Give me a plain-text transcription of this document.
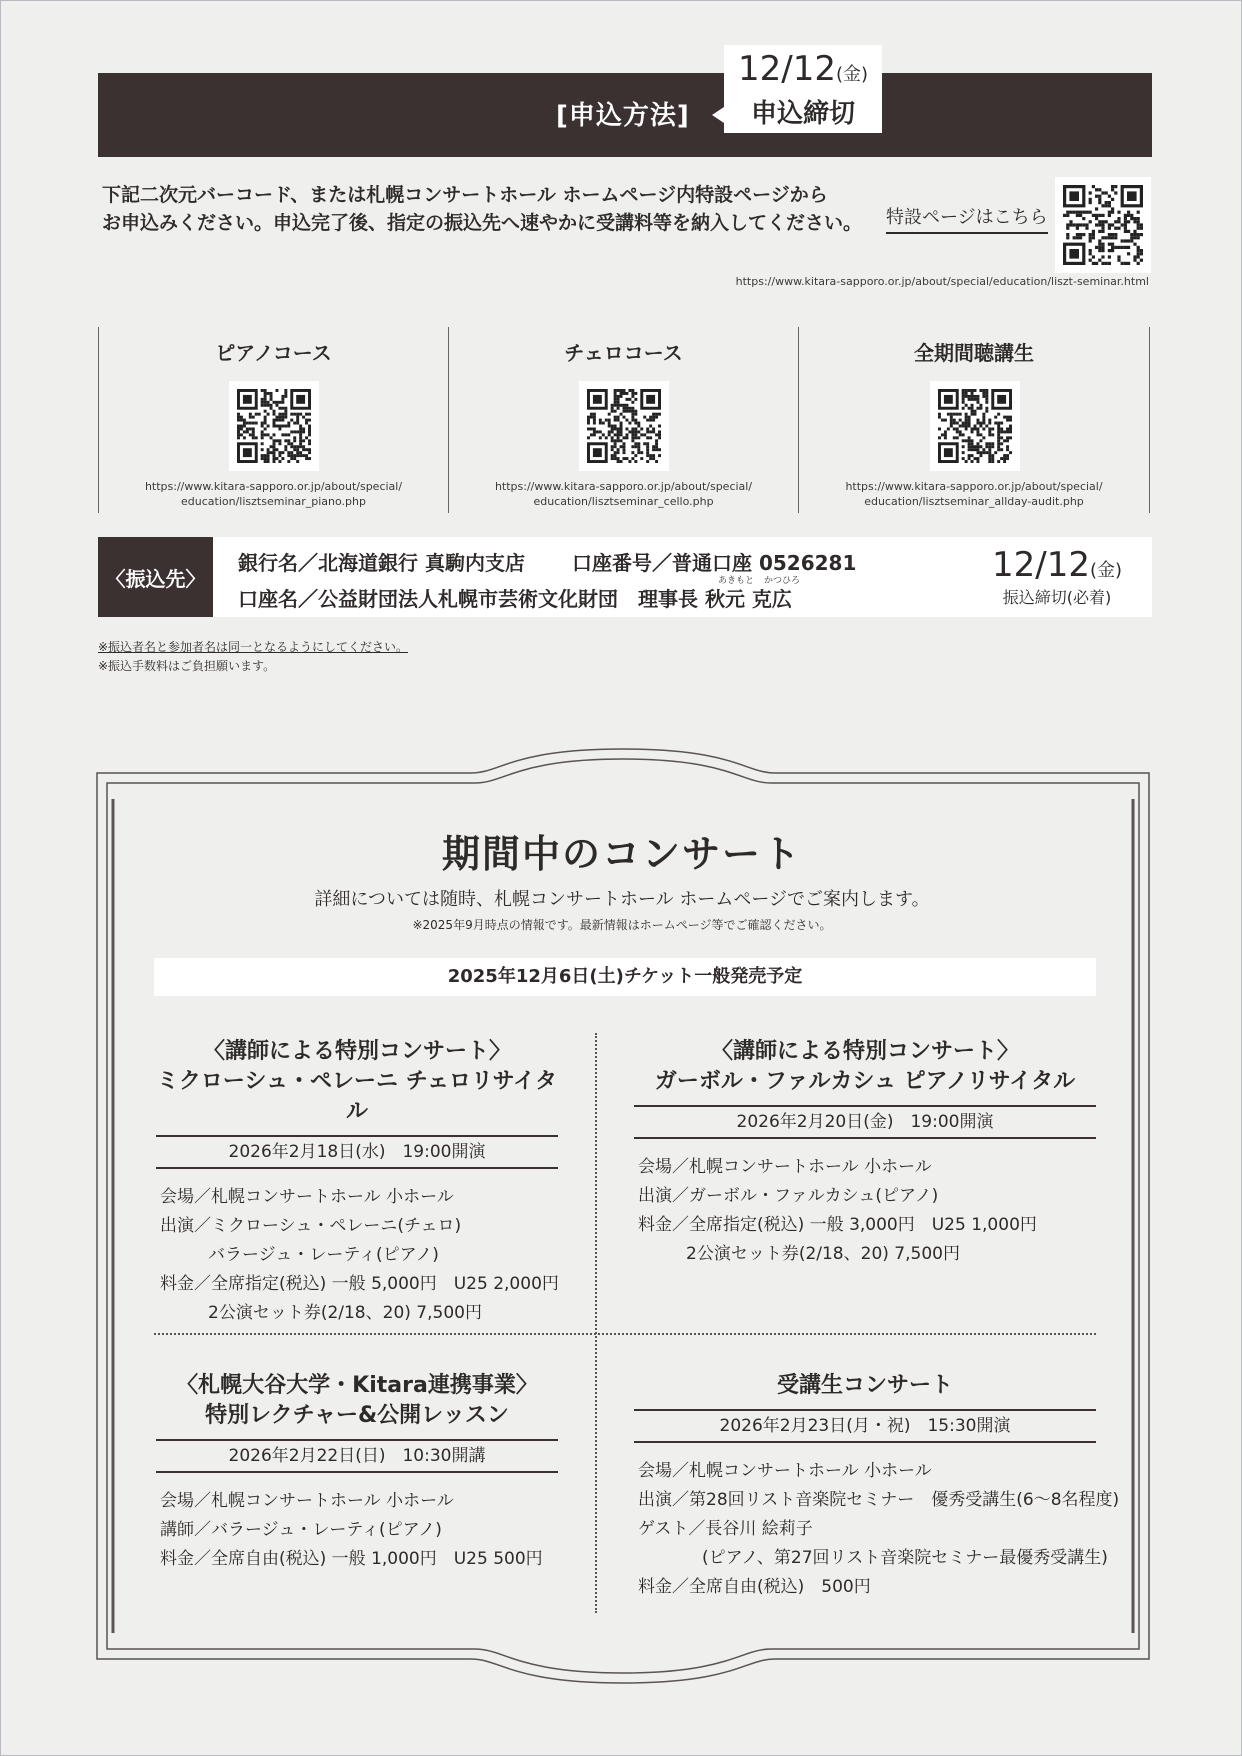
[申込方法]
12/12(金)
申込締切
下記二次元バーコード、または札幌コンサートホール ホームページ内特設ページから
お申込みください。申込完了後、指定の振込先へ速やかに受講料等を納入してください。 特設ページはこちら
https://www.kitara-sapporo.or.jp/about/special/education/liszt-seminar.html
ピアノコース
https://www.kitara-sapporo.or.jp/about/special/
education/lisztseminar_piano.php
チェロコース
https://www.kitara-sapporo.or.jp/about/special/
education/lisztseminar_cello.php
全期間聴講生
https://www.kitara-sapporo.or.jp/about/special/
education/lisztseminar_allday-audit.php
〈振込先〉
銀行名／北海道銀行 真駒内支店 口座番号／普通口座 0526281
あきもと かつひろ
口座名／公益財団法人札幌市芸術文化財団　理事長 秋元 克広
12/12(金)
振込締切(必着)
※振込者名と参加者名は同一となるようにしてください。
※振込手数料はご負担願います。
期間中のコンサート
詳細については随時、札幌コンサートホール ホームページでご案内します。
※2025年9月時点の情報です。最新情報はホームページ等でご確認ください。
2025年12月6日(土)チケット一般発売予定
〈講師による特別コンサート〉
ミクローシュ・ペレーニ チェロリサイタル
2026年2月18日(水)　19:00開演
会場／札幌コンサートホール 小ホール
出演／ミクローシュ・ペレーニ(チェロ)
バラージュ・レーティ(ピアノ)
料金／全席指定(税込) 一般 5,000円　U25 2,000円
2公演セット券(2/18、20) 7,500円
〈講師による特別コンサート〉
ガーボル・ファルカシュ ピアノリサイタル
2026年2月20日(金)　19:00開演
会場／札幌コンサートホール 小ホール
出演／ガーボル・ファルカシュ(ピアノ)
料金／全席指定(税込) 一般 3,000円　U25 1,000円
2公演セット券(2/18、20) 7,500円
〈札幌大谷大学・Kitara連携事業〉
特別レクチャー&公開レッスン
2026年2月22日(日)　10:30開講
会場／札幌コンサートホール 小ホール
講師／バラージュ・レーティ(ピアノ)
料金／全席自由(税込) 一般 1,000円　U25 500円
受講生コンサート
2026年2月23日(月・祝)　15:30開演
会場／札幌コンサートホール 小ホール
出演／第28回リスト音楽院セミナー　優秀受講生(6〜8名程度)
ゲスト／長谷川 絵莉子
(ピアノ、第27回リスト音楽院セミナー最優秀受講生)
料金／全席自由(税込)　500円
